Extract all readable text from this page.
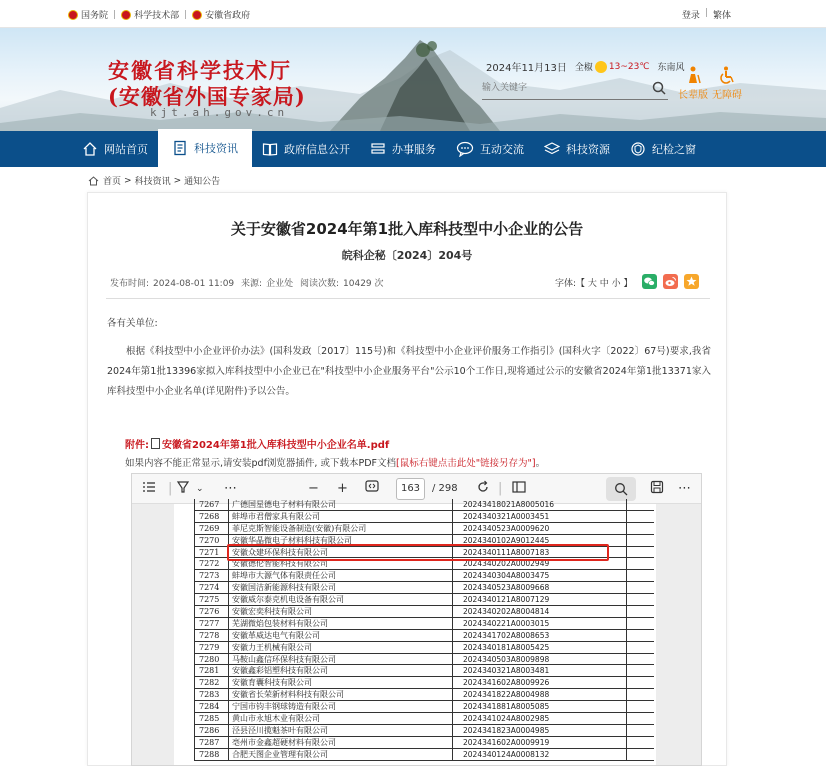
国务院 | 科学技术部 | 安徽省政府	登录 | 繁体
安徽省科学技术厅
(安徽省外国专家局)
kjt.ah.gov.cn
2024年11月13日 全椒 13~23℃ 东南风
输入关键字
长辈版 无障碍
网站首页	科技资讯	政府信息公开	办事服务	互动交流	科技资源	纪检之窗
首页 > 科技资讯 > 通知公告
关于安徽省2024年第1批入库科技型中小企业的公告
皖科企秘〔2024〕204号
发布时间: 2024-08-01 11:09 来源: 企业处 阅读次数: 10429 次	字体:【 大 中 小 】
各有关单位:
根据《科技型中小企业评价办法》(国科发政〔2017〕115号)和《科技型中小企业评价服务工作指引》(国科火字〔2022〕67号)要求,我省2024年第1批13396家拟入库科技型中小企业已在"科技型中小企业服务平台"公示10个工作日,现将通过公示的安徽省2024年第1批13371家入库科技型中小企业名单(详见附件)予以公告。
附件: 安徽省2024年第1批入库科技型中小企业名单.pdf
如果内容不能正常显示,请安装pdf浏览器插件, 或下载本PDF文档[鼠标右键点击此处"链接另存为"]。
|	⌄ ⋯	− +	163	/ 298	|	⋯
7267	广德国星德电子材料有限公司	20243418021A8005016
7268	蚌埠市君僧家具有限公司	2024340321A0003451
7269	菲尼克斯智能设备制造(安徽)有限公司	2024340523A0009620
7270	安徽华晶微电子材料科技有限公司	2024340102A9012445
7271	安徽众建环保科技有限公司	2024340111A8007183
7272	安徽德伦智能科技有限公司	2024340202A0002949
7273	蚌埠市大源气体有限责任公司	2024340304A8003475
7274	安徽国洁新能源科技有限公司	2024340523A8009668
7275	安徽威尔泰克机电设备有限公司	2024340121A8007129
7276	安徽宏奕科技有限公司	2024340202A8004814
7277	芜湖微焰包装材料有限公司	2024340221A0003015
7278	安徽革威达电气有限公司	2024341702A8008653
7279	安徽力王机械有限公司	2024340181A8005425
7280	马鞍山鑫信环保科技有限公司	2024340503A8009898
7281	安徽鑫彩铝塑科技有限公司	2024340321A8003481
7282	安徽育囊科技有限公司	2024341602A8009926
7283	安徽省长荣新材料科技有限公司	2024341822A8004988
7284	宁国市钧丰钢球铸造有限公司	2024341881A8005085
7285	黄山市永旭木业有限公司	2024341024A8002985
7286	泾县泾川揽魁茶叶有限公司	2024341823A0004985
7287	亳州市金鑫超硬材料有限公司	2024341602A0009919
7288	合肥天图企业管理有限公司	2024340124A0008132
